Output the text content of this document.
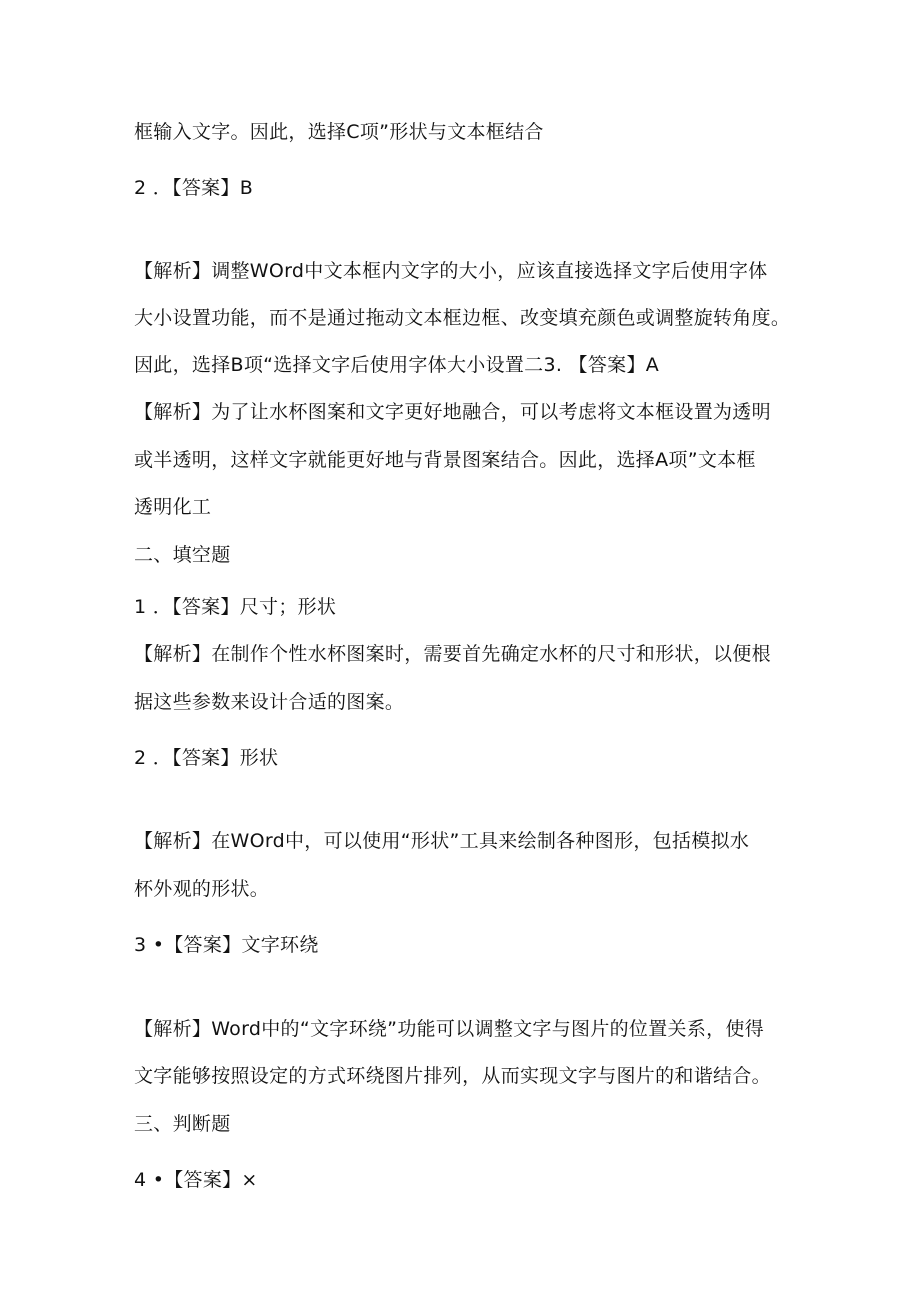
框输入文字。因此，选择C项”形状与文本框结合
2 ．【答案】B
【解析】调整WOrd中文本框内文字的大小，应该直接选择文字后使用字体
大小设置功能，而不是通过拖动文本框边框、改变填充颜色或调整旋转角度。
因此，选择B项“选择文字后使用字体大小设置二3. 【答案】A
【解析】为了让水杯图案和文字更好地融合，可以考虑将文本框设置为透明
或半透明，这样文字就能更好地与背景图案结合。因此，选择A项”文本框
透明化工
二、填空题
1 ．【答案】尺寸；形状
【解析】在制作个性水杯图案时，需要首先确定水杯的尺寸和形状，以便根
据这些参数来设计合适的图案。
2 ．【答案】形状
【解析】在WOrd中，可以使用“形状”工具来绘制各种图形，包括模拟水
杯外观的形状。
3 •【答案】文字环绕
【解析】Word中的“文字环绕”功能可以调整文字与图片的位置关系，使得
文字能够按照设定的方式环绕图片排列，从而实现文字与图片的和谐结合。
三、判断题
4 •【答案】×
